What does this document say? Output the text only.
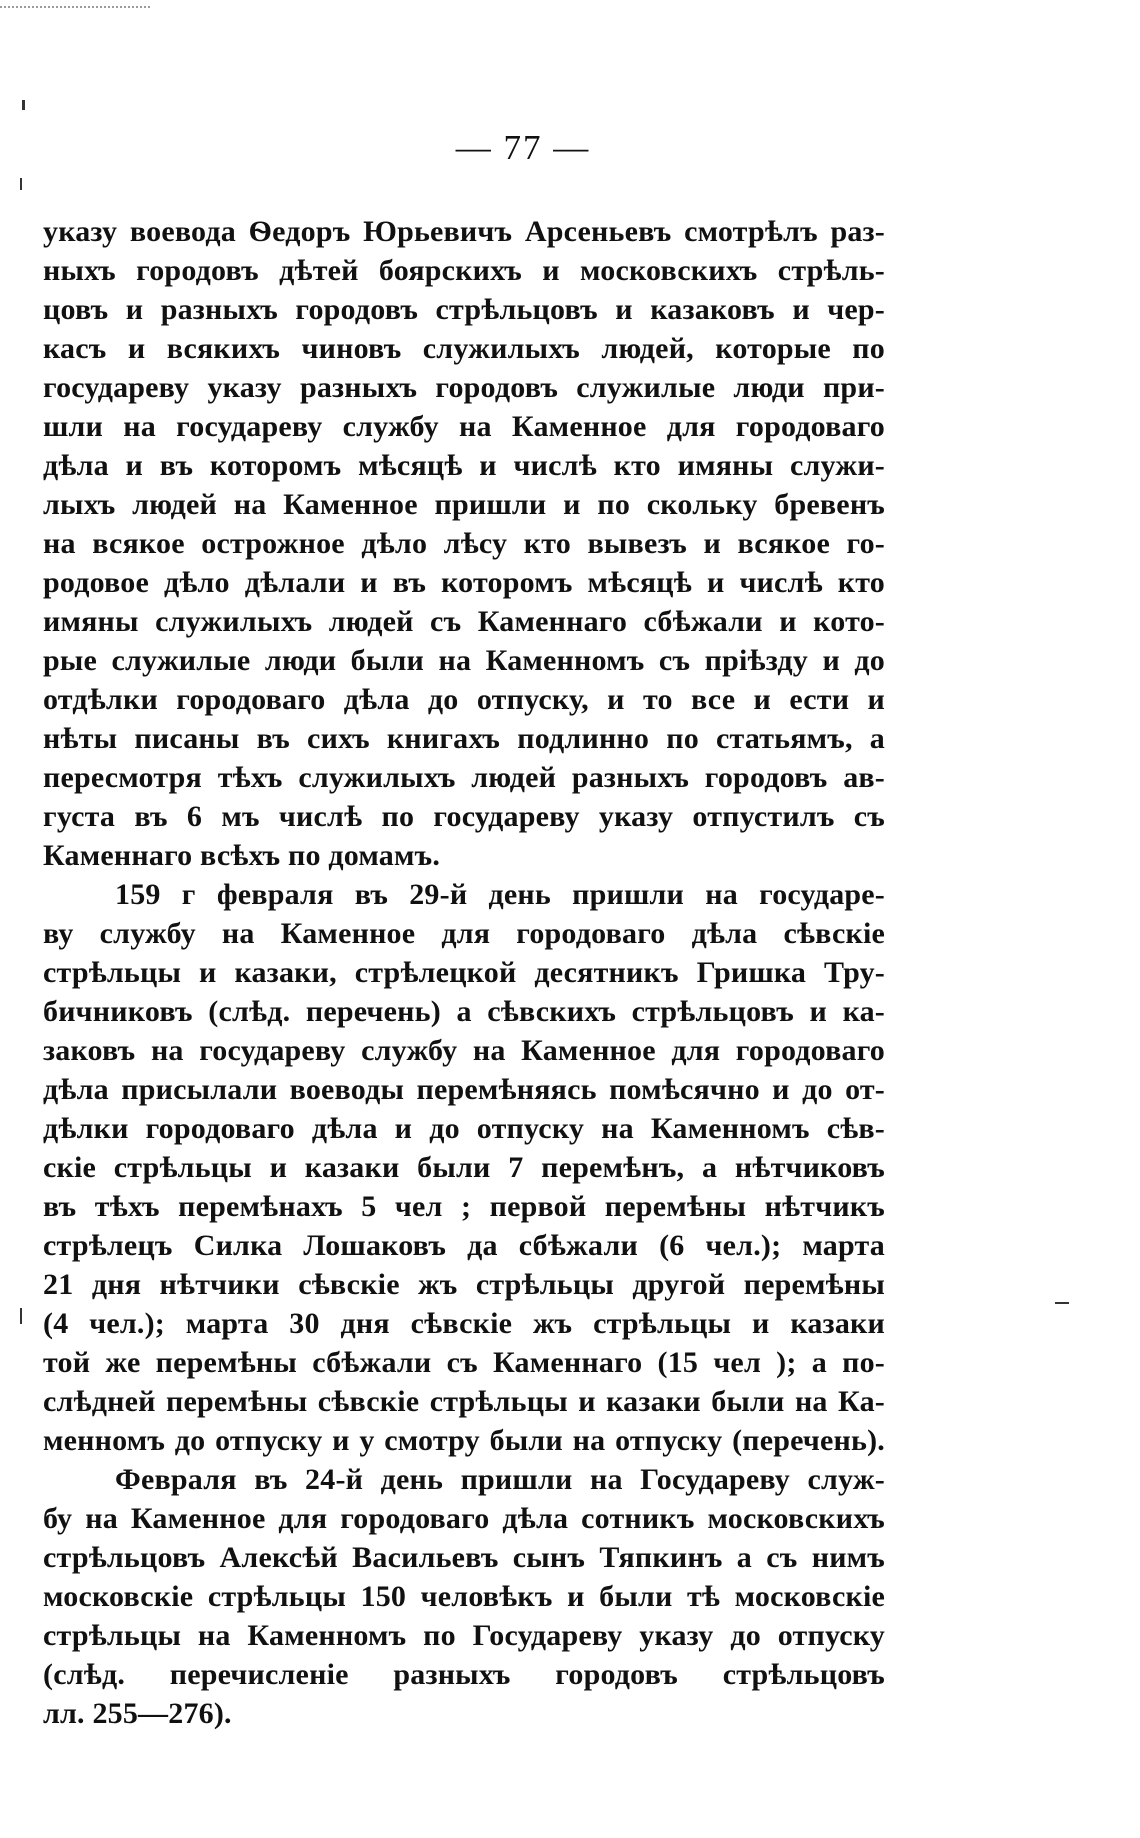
— 77 —
указу воевода Ѳедоръ Юрьевичъ Арсеньевъ смотрѣлъ раз-
ныхъ городовъ дѣтей боярскихъ и московскихъ стрѣль-
цовъ и разныхъ городовъ стрѣльцовъ и казаковъ и чер-
касъ и всякихъ чиновъ служилыхъ людей, которые по
государеву указу разныхъ городовъ служилые люди при-
шли на государеву службу на Каменное для городоваго
дѣла и въ которомъ мѣсяцѣ и числѣ кто имяны служи-
лыхъ людей на Каменное пришли и по скольку бревенъ
на всякое острожное дѣло лѣсу кто вывезъ и всякое го-
родовое дѣло дѣлали и въ которомъ мѣсяцѣ и числѣ кто
имяны служилыхъ людей съ Каменнаго сбѣжали и кото-
рые служилые люди были на Каменномъ съ пріѣзду и до
отдѣлки городоваго дѣла до отпуску, и то все и ести и
нѣты писаны въ сихъ книгахъ подлинно по статьямъ, а
пересмотря тѣхъ служилыхъ людей разныхъ городовъ ав-
густа въ 6 мъ числѣ по государеву указу отпустилъ съ
Каменнаго всѣхъ по домамъ.
159 г февраля въ 29-й день пришли на государе-
ву службу на Каменное для городоваго дѣла сѣвскіе
стрѣльцы и казаки, стрѣлецкой десятникъ Гришка Тру-
бичниковъ (слѣд. перечень) а сѣвскихъ стрѣльцовъ и ка-
заковъ на государеву службу на Каменное для городоваго
дѣла присылали воеводы перемѣняясь помѣсячно и до от-
дѣлки городоваго дѣла и до отпуску на Каменномъ сѣв-
скіе стрѣльцы и казаки были 7 перемѣнъ, а нѣтчиковъ
въ тѣхъ перемѣнахъ 5 чел ; первой перемѣны нѣтчикъ
стрѣлецъ Силка Лошаковъ да сбѣжали (6 чел.); марта
21 дня нѣтчики сѣвскіе жъ стрѣльцы другой перемѣны
(4 чел.); марта 30 дня сѣвскіе жъ стрѣльцы и казаки
той же перемѣны сбѣжали съ Каменнаго (15 чел ); а по-
слѣдней перемѣны сѣвскіе стрѣльцы и казаки были на Ка-
менномъ до отпуску и у смотру были на отпуску (перечень).
Февраля въ 24-й день пришли на Государеву служ-
бу на Каменное для городоваго дѣла сотникъ московскихъ
стрѣльцовъ Алексѣй Васильевъ сынъ Тяпкинъ а съ нимъ
московскіе стрѣльцы 150 человѣкъ и были тѣ московскіе
стрѣльцы на Каменномъ по Государеву указу до отпуску
(слѣд. перечисленіе разныхъ городовъ стрѣльцовъ
лл. 255—276).
